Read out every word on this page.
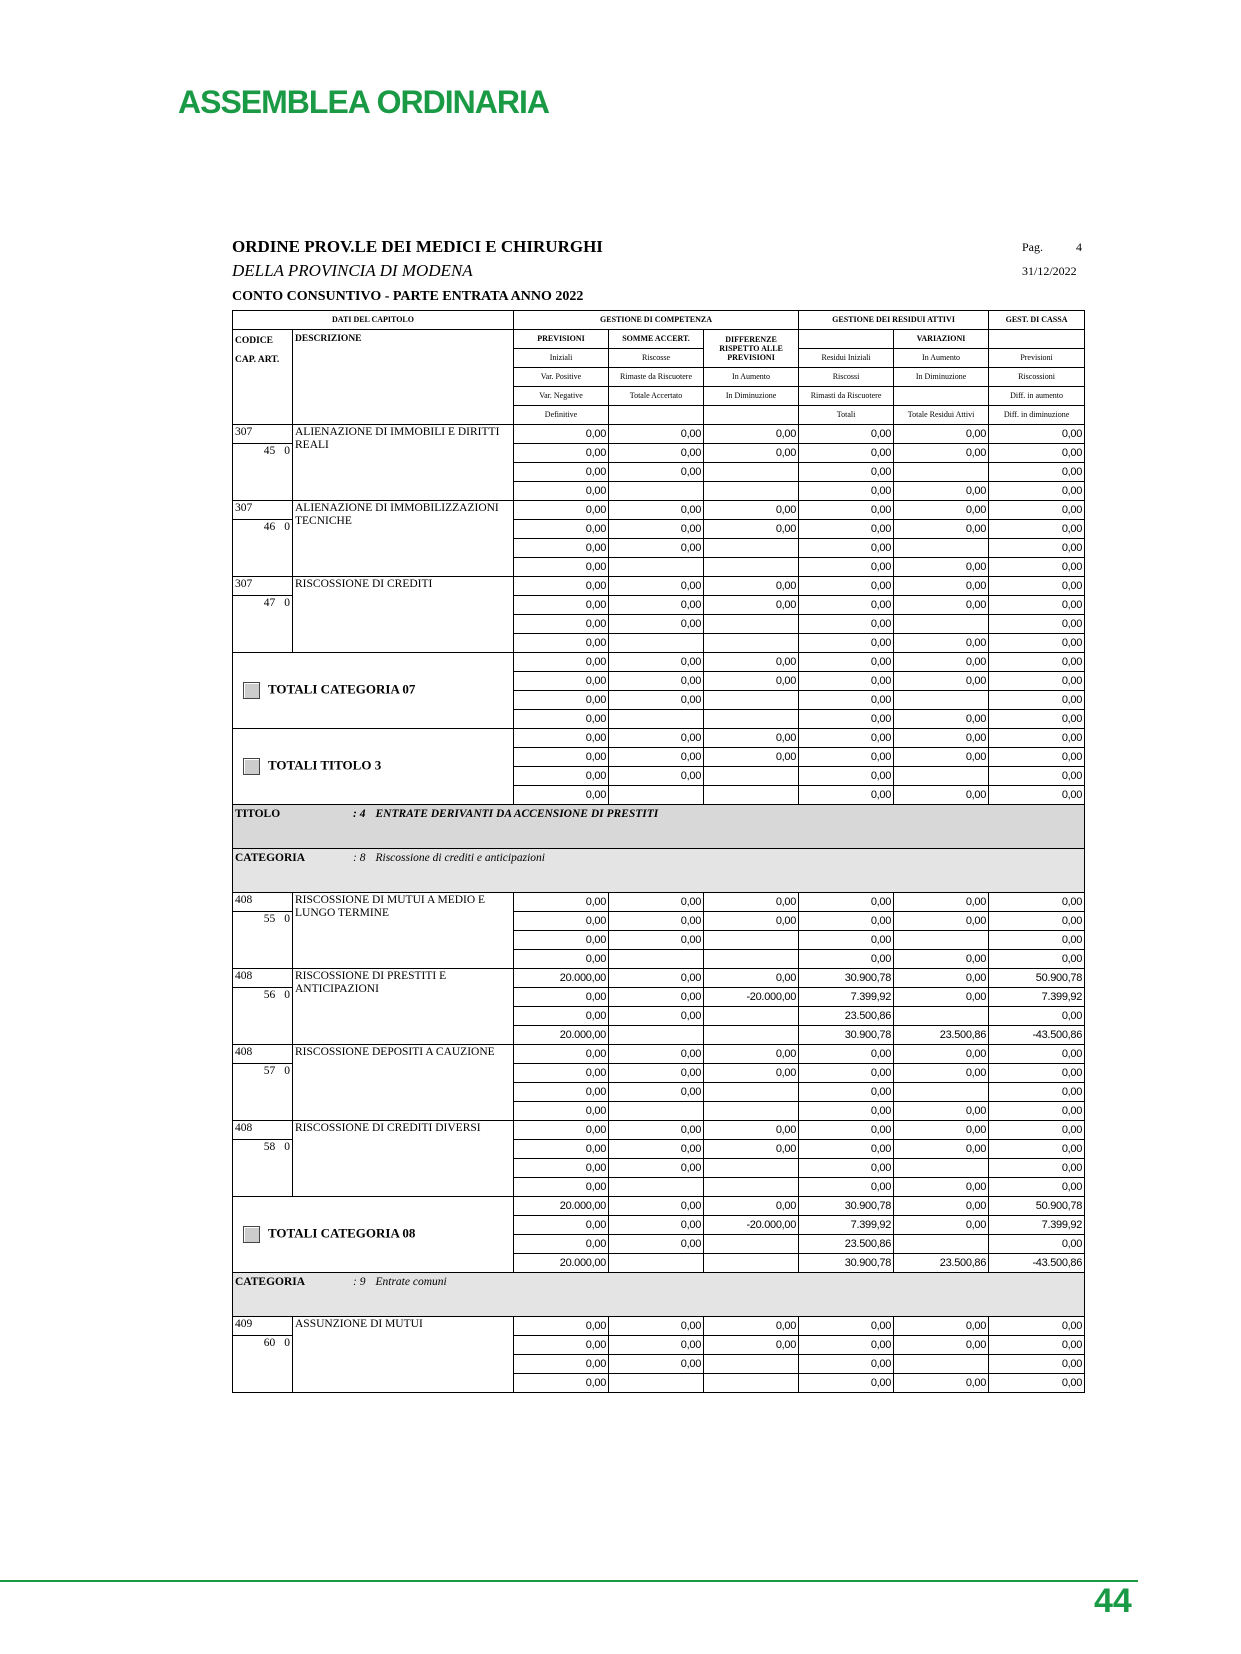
ASSEMBLEA ORDINARIA
ORDINE PROV.LE DEI MEDICI E CHIRURGHI
DELLA PROVINCIA DI MODENA
CONTO CONSUNTIVO - PARTE ENTRATA ANNO 2022
Pag.	4
31/12/2022
DATI DEL CAPITOLO		GESTIONE DI COMPETENZA			GESTIONE DEI RESIDUI ATTIVI		GEST. DI CASSA

CODICE
CAP. ART.	DESCRIZIONE	PREVISIONI	SOMME ACCERT.	DIFFERENZE RISPETTO ALLE PREVISIONI		VARIAZIONI	
		Iniziali	Riscosse		Residui Iniziali	In Aumento	Previsioni
		Var. Positive	Rimaste da Riscuotere	In Aumento	Riscossi	In Diminuzione	Riscossioni
		Var. Negative	Totale Accertato	In Diminuzione	Rimasti da Riscuotere		Diff. in aumento
		Definitive			Totali	Totale Residui Attivi	Diff. in diminuzione
307	ALIENAZIONE DI IMMOBILI E DIRITTI REALI	0,00	0,00	0,00	0,00	0,00	0,00
45 0		0,00	0,00	0,00	0,00	0,00	0,00
		0,00	0,00		0,00		0,00
		0,00			0,00	0,00	0,00
307	ALIENAZIONE DI IMMOBILIZZAZIONI TECNICHE	0,00	0,00	0,00	0,00	0,00	0,00
46 0		0,00	0,00	0,00	0,00	0,00	0,00
		0,00	0,00		0,00		0,00
		0,00			0,00	0,00	0,00
307	RISCOSSIONE DI CREDITI	0,00	0,00	0,00	0,00	0,00	0,00
47 0		0,00	0,00	0,00	0,00	0,00	0,00
		0,00	0,00		0,00		0,00
		0,00			0,00	0,00	0,00
TOTALI CATEGORIA 07		0,00	0,00	0,00	0,00	0,00	0,00
		0,00	0,00	0,00	0,00	0,00	0,00
		0,00	0,00		0,00		0,00
		0,00			0,00	0,00	0,00
TOTALI TITOLO 3		0,00	0,00	0,00	0,00	0,00	0,00
		0,00	0,00	0,00	0,00	0,00	0,00
		0,00	0,00		0,00		0,00
		0,00			0,00	0,00	0,00
TITOLO : 4 ENTRATE DERIVANTI DA ACCENSIONE DI PRESTITI							
CATEGORIA : 8 Riscossione di crediti e anticipazioni							
408	RISCOSSIONE DI MUTUI A MEDIO E LUNGO TERMINE	0,00	0,00	0,00	0,00	0,00	0,00
55 0		0,00	0,00	0,00	0,00	0,00	0,00
		0,00	0,00		0,00		0,00
		0,00			0,00	0,00	0,00
408	RISCOSSIONE DI PRESTITI E ANTICIPAZIONI	20.000,00	0,00	0,00	30.900,78	0,00	50.900,78
56 0		0,00	0,00	-20.000,00	7.399,92	0,00	7.399,92
		0,00	0,00		23.500,86		0,00
		20.000,00			30.900,78	23.500,86	-43.500,86
408	RISCOSSIONE DEPOSITI A CAUZIONE	0,00	0,00	0,00	0,00	0,00	0,00
57 0		0,00	0,00	0,00	0,00	0,00	0,00
		0,00	0,00		0,00		0,00
		0,00			0,00	0,00	0,00
408	RISCOSSIONE DI CREDITI DIVERSI	0,00	0,00	0,00	0,00	0,00	0,00
58 0		0,00	0,00	0,00	0,00	0,00	0,00
		0,00	0,00		0,00		0,00
		0,00			0,00	0,00	0,00
TOTALI CATEGORIA 08		20.000,00	0,00	0,00	30.900,78	0,00	50.900,78
		0,00	0,00	-20.000,00	7.399,92	0,00	7.399,92
		0,00	0,00		23.500,86		0,00
		20.000,00			30.900,78	23.500,86	-43.500,86
CATEGORIA : 9 Entrate comuni							
409	ASSUNZIONE DI MUTUI	0,00	0,00	0,00	0,00	0,00	0,00
60 0		0,00	0,00	0,00	0,00	0,00	0,00
		0,00	0,00		0,00		0,00
		0,00			0,00	0,00	0,00
44
